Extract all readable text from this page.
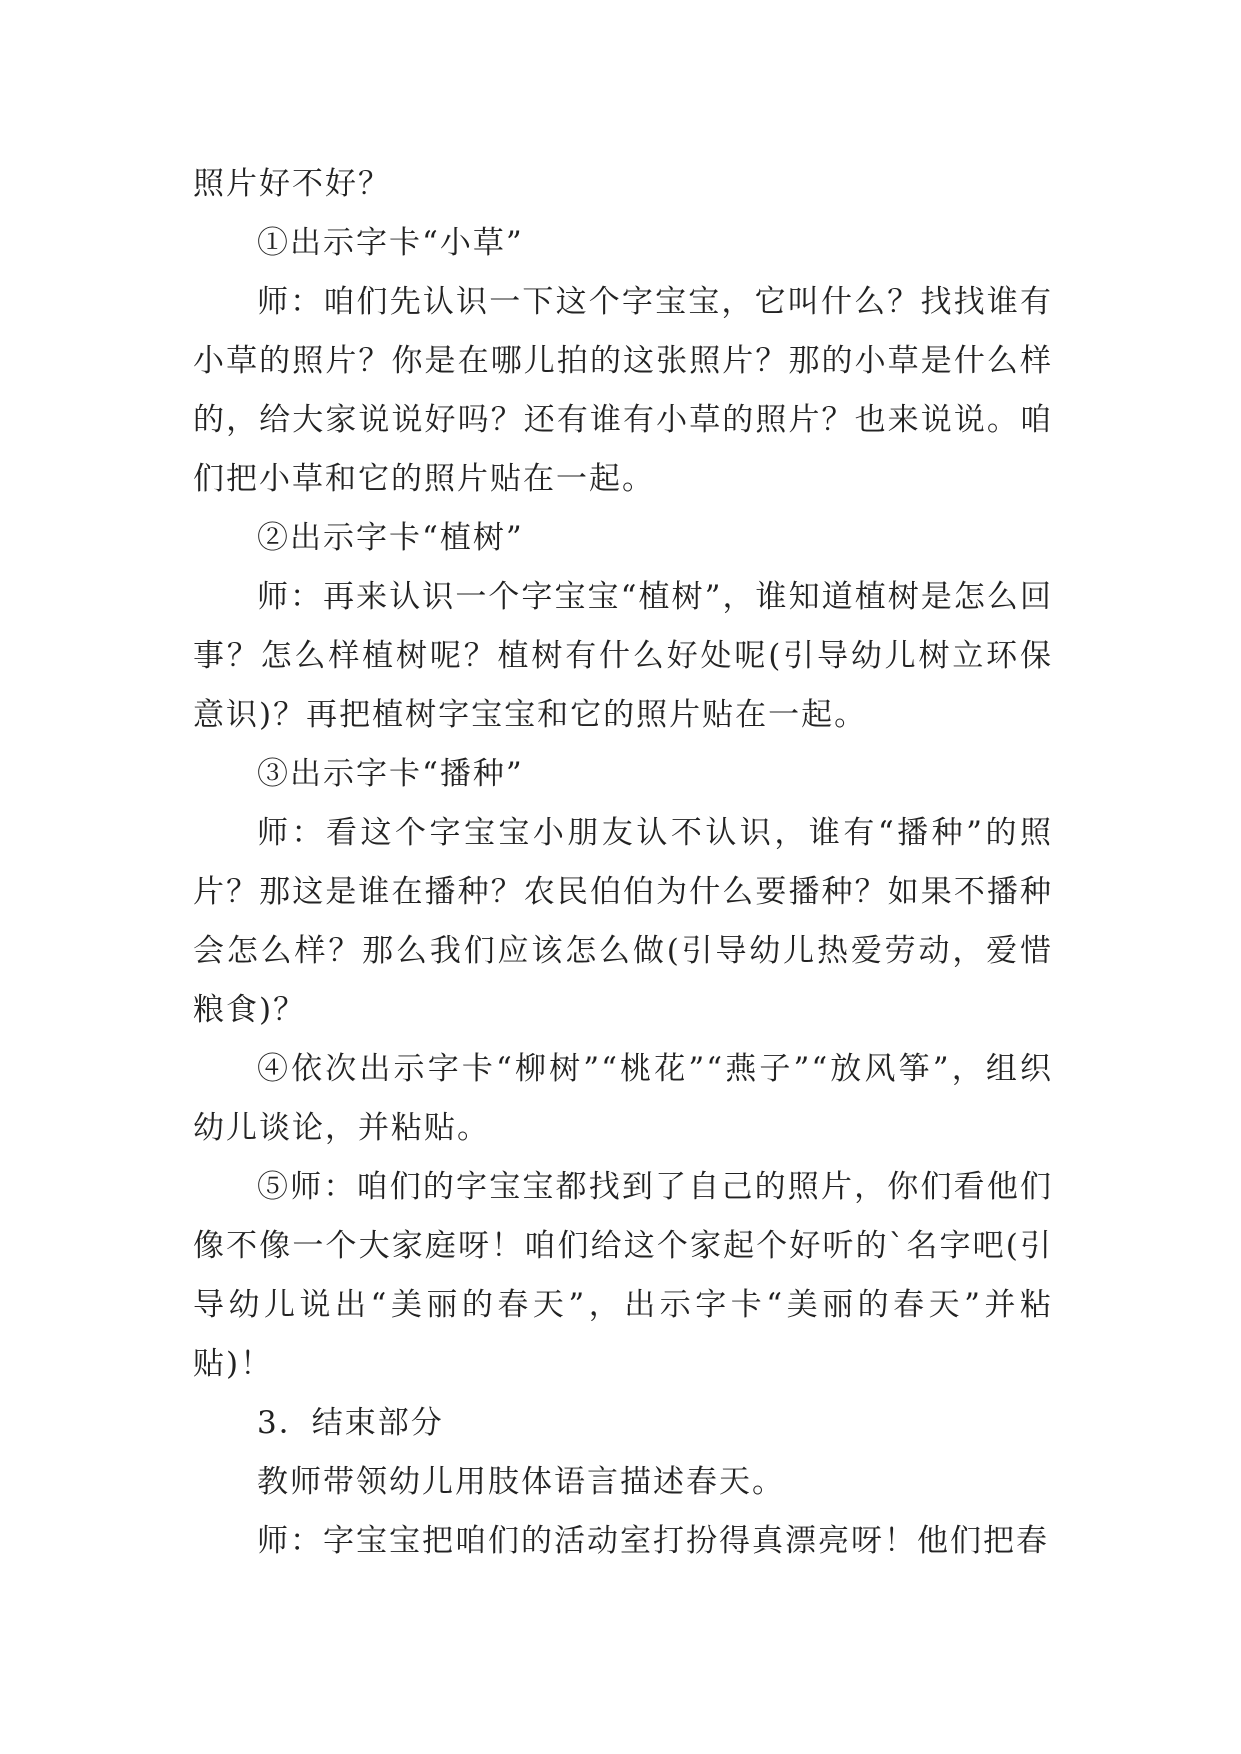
照片好不好？

①出示字卡“小草”

师：咱们先认识一下这个字宝宝，它叫什么？找找谁有小草的照片？你是在哪儿拍的这张照片？那的小草是什么样的，给大家说说好吗？还有谁有小草的照片？也来说说。咱们把小草和它的照片贴在一起。

②出示字卡“植树”

师：再来认识一个字宝宝“植树”，谁知道植树是怎么回事？怎么样植树呢？植树有什么好处呢(引导幼儿树立环保意识)？再把植树字宝宝和它的照片贴在一起。

③出示字卡“播种”

师：看这个字宝宝小朋友认不认识，谁有“播种”的照片？那这是谁在播种？农民伯伯为什么要播种？如果不播种会怎么样？那么我们应该怎么做(引导幼儿热爱劳动，爱惜粮食)？

④依次出示字卡“柳树”“桃花”“燕子”“放风筝”，组织幼儿谈论，并粘贴。

⑤师：咱们的字宝宝都找到了自己的照片，你们看他们像不像一个大家庭呀！咱们给这个家起个好听的`名字吧(引导幼儿说出“美丽的春天”，出示字卡“美丽的春天”并粘贴)！

3．结束部分

教师带领幼儿用肢体语言描述春天。

师：字宝宝把咱们的活动室打扮得真漂亮呀！他们把春
